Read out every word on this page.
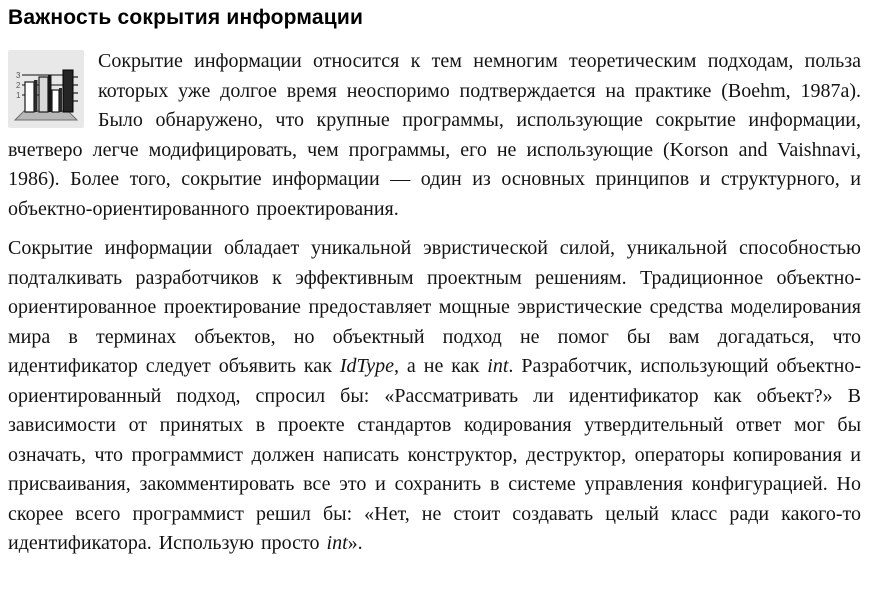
Важность сокрытия информации

3
2
1
Сокрытие информации относится к тем немногим теоретическим подходам, польза которых уже долгое время неоспоримо подтверждается на практике (Boehm, 1987a). Было обнаружено, что крупные программы, использующие сокрытие информации, вчетверо легче модифицировать, чем программы, его не использующие (Korson and Vaishnavi, 1986). Более того, сокрытие информации — один из основных принципов и структурного, и объектно-ориентированного проектирования.

Сокрытие информации обладает уникальной эвристической силой, уникальной способностью подталкивать разработчиков к эффективным проектным решениям. Традиционное объектно-ориентированное проектирование предоставляет мощные эвристические средства моделирования мира в терминах объектов, но объектный подход не помог бы вам догадаться, что идентификатор следует объявить как IdType, а не как int. Разработчик, использующий объектно-ориентированный подход, спросил бы: «Рассматривать ли идентификатор как объект?» В зависимости от принятых в проекте стандартов кодирования утвердительный ответ мог бы означать, что программист должен написать конструктор, деструктор, операторы копирования и присваивания, закомментировать все это и сохранить в системе управления конфигурацией. Но скорее всего программист решил бы: «Нет, не стоит создавать целый класс ради какого-то идентификатора. Использую просто int».
